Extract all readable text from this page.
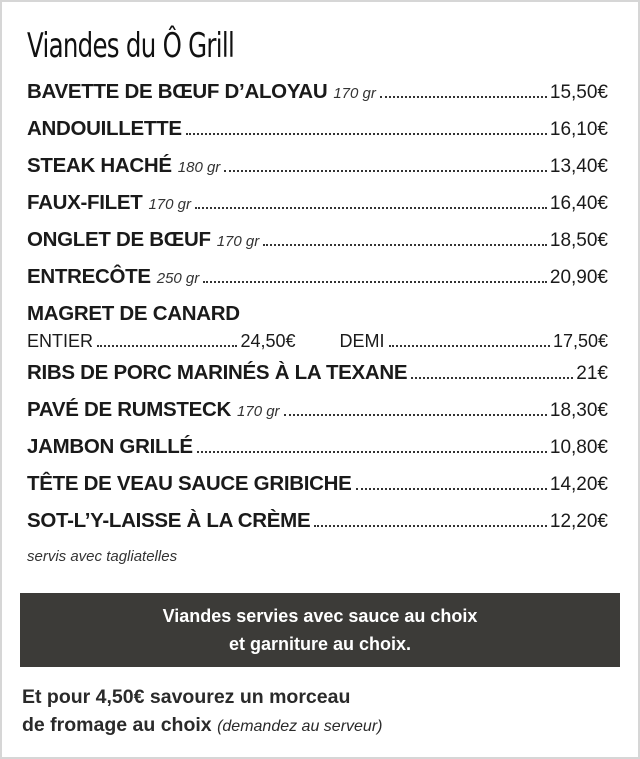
Viandes du Ô Grill
BAVETTE DE BŒUF D’ALOYAU 170 gr	15,50€
ANDOUILLETTE	16,10€
STEAK HACHÉ 180 gr	13,40€
FAUX-FILET 170 gr	16,40€
ONGLET DE BŒUF 170 gr	18,50€
ENTRECÔTE 250 gr	20,90€
MAGRET DE CANARD
ENTIER	24,50€ DEMI	17,50€
RIBS DE PORC MARINÉS À LA TEXANE	21€
PAVÉ DE RUMSTECK 170 gr	18,30€
JAMBON GRILLÉ	10,80€
TÊTE DE VEAU SAUCE GRIBICHE	14,20€
SOT-L’Y-LAISSE À LA CRÈME	12,20€
servis avec tagliatelles
Viandes servies avec sauce au choix
et garniture au choix.
Et pour 4,50€ savourez un morceau
de fromage au choix (demandez au serveur)
